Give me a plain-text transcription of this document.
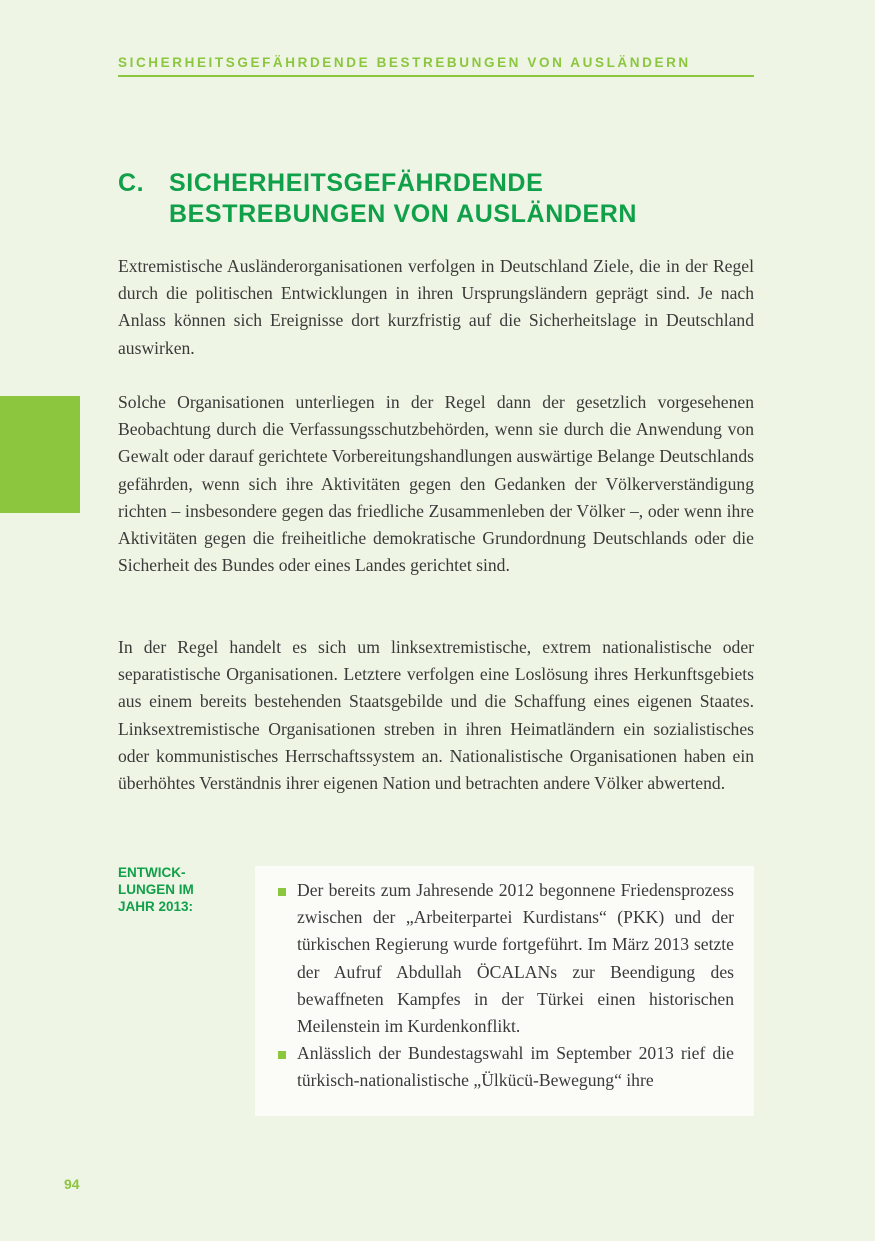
SICHERHEITSGEFÄHRDENDE BESTREBUNGEN VON AUSLÄNDERN
C. SICHERHEITSGEFÄHRDENDE
BESTREBUNGEN VON AUSLÄNDERN

Extremistische Ausländerorganisationen verfolgen in Deutschland Ziele, die in der Regel durch die politischen Entwicklungen in ihren Ursprungsländern geprägt sind. Je nach Anlass können sich Ereignisse dort kurzfristig auf die Sicherheitslage in Deutschland auswirken.

Solche Organisationen unterliegen in der Regel dann der gesetzlich vorgesehenen Beobachtung durch die Verfassungsschutzbehörden, wenn sie durch die Anwendung von Gewalt oder darauf gerichtete Vorbereitungshandlungen auswärtige Belange Deutschlands gefährden, wenn sich ihre Aktivitäten gegen den Gedanken der Völkerverständigung richten – insbesondere gegen das friedliche Zusammenleben der Völker –, oder wenn ihre Aktivitäten gegen die freiheitliche demokratische Grundordnung Deutschlands oder die Sicherheit des Bundes oder eines Landes gerichtet sind.

In der Regel handelt es sich um linksextremistische, extrem nationalistische oder separatistische Organisationen. Letztere verfolgen eine Loslösung ihres Herkunftsgebiets aus einem bereits bestehenden Staatsgebilde und die Schaffung eines eigenen Staates. Linksextremistische Organisationen streben in ihren Heimatländern ein sozialistisches oder kommunistisches Herrschaftssystem an. Nationalistische Organisationen haben ein überhöhtes Verständnis ihrer eigenen Nation und betrachten andere Völker abwertend.

ENTWICK-
LUNGEN IM
JAHR 2013:
Der bereits zum Jahresende 2012 begonnene Friedensprozess zwischen der „Arbeiterpartei Kurdistans“ (PKK) und der türkischen Regierung wurde fortgeführt. Im März 2013 setzte der Aufruf Abdullah ÖCALANs zur Beendigung des bewaffneten Kampfes in der Türkei einen historischen Meilenstein im Kurdenkonflikt.
Anlässlich der Bundestagswahl im September 2013 rief die türkisch-nationalistische „Ülkücü-Bewegung“ ihre
94
